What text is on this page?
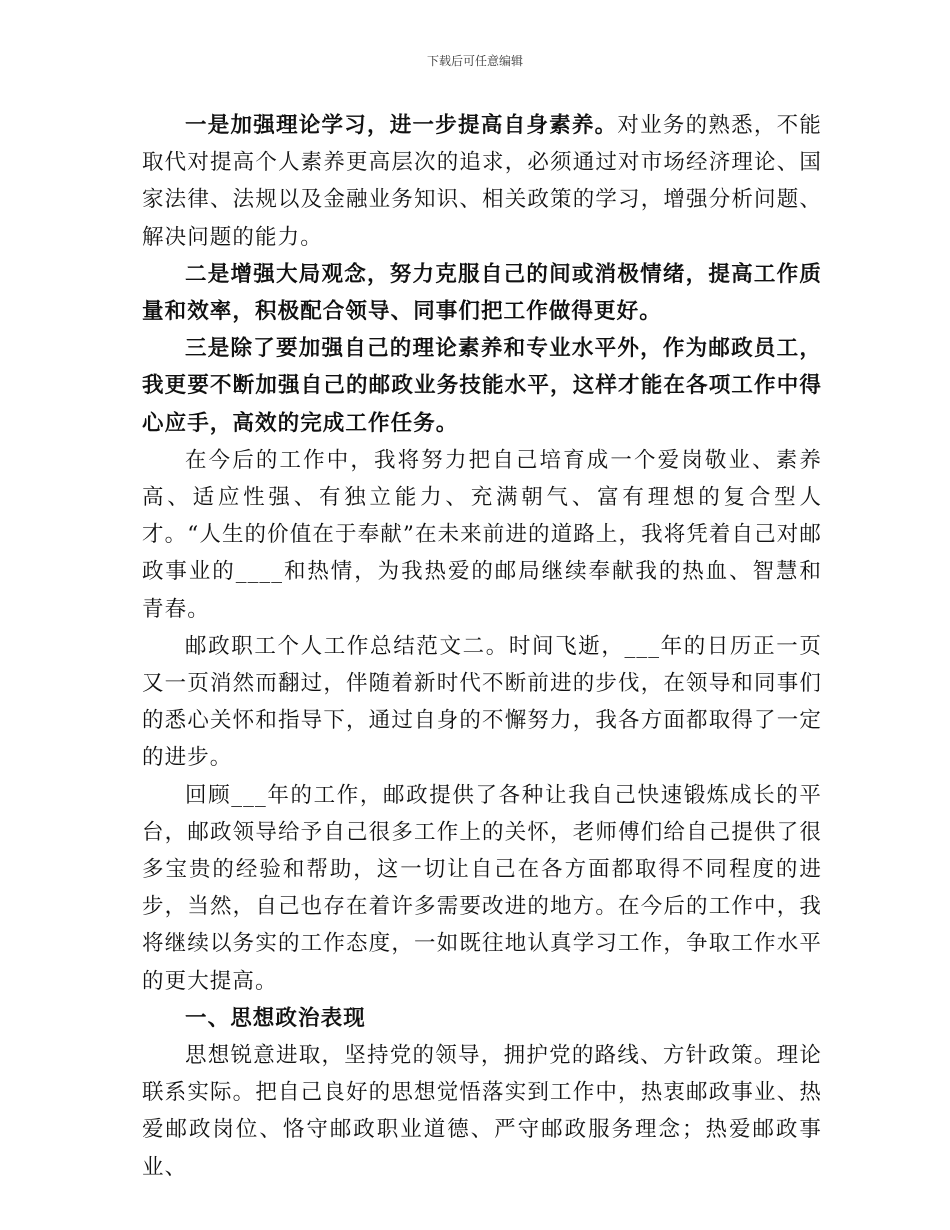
下载后可任意编辑

一是加强理论学习，进一步提高自身素养。对业务的熟悉，不能取代对提高个人素养更高层次的追求，必须通过对市场经济理论、国家法律、法规以及金融业务知识、相关政策的学习，增强分析问题、解决问题的能力。

二是增强大局观念，努力克服自己的间或消极情绪，提高工作质量和效率，积极配合领导、同事们把工作做得更好。

三是除了要加强自己的理论素养和专业水平外，作为邮政员工，我更要不断加强自己的邮政业务技能水平，这样才能在各项工作中得心应手，高效的完成工作任务。

在今后的工作中，我将努力把自己培育成一个爱岗敬业、素养高、适应性强、有独立能力、充满朝气、富有理想的复合型人才。“人生的价值在于奉献”在未来前进的道路上，我将凭着自己对邮政事业的____和热情，为我热爱的邮局继续奉献我的热血、智慧和青春。

邮政职工个人工作总结范文二。时间飞逝，___年的日历正一页又一页消然而翻过，伴随着新时代不断前进的步伐，在领导和同事们的悉心关怀和指导下，通过自身的不懈努力，我各方面都取得了一定的进步。

回顾___年的工作，邮政提供了各种让我自己快速锻炼成长的平台，邮政领导给予自己很多工作上的关怀，老师傅们给自己提供了很多宝贵的经验和帮助，这一切让自己在各方面都取得不同程度的进步，当然，自己也存在着许多需要改进的地方。在今后的工作中，我将继续以务实的工作态度，一如既往地认真学习工作，争取工作水平的更大提高。

一、思想政治表现

思想锐意进取，坚持党的领导，拥护党的路线、方针政策。理论联系实际。把自己良好的思想觉悟落实到工作中，热衷邮政事业、热爱邮政岗位、恪守邮政职业道德、严守邮政服务理念；热爱邮政事业、
